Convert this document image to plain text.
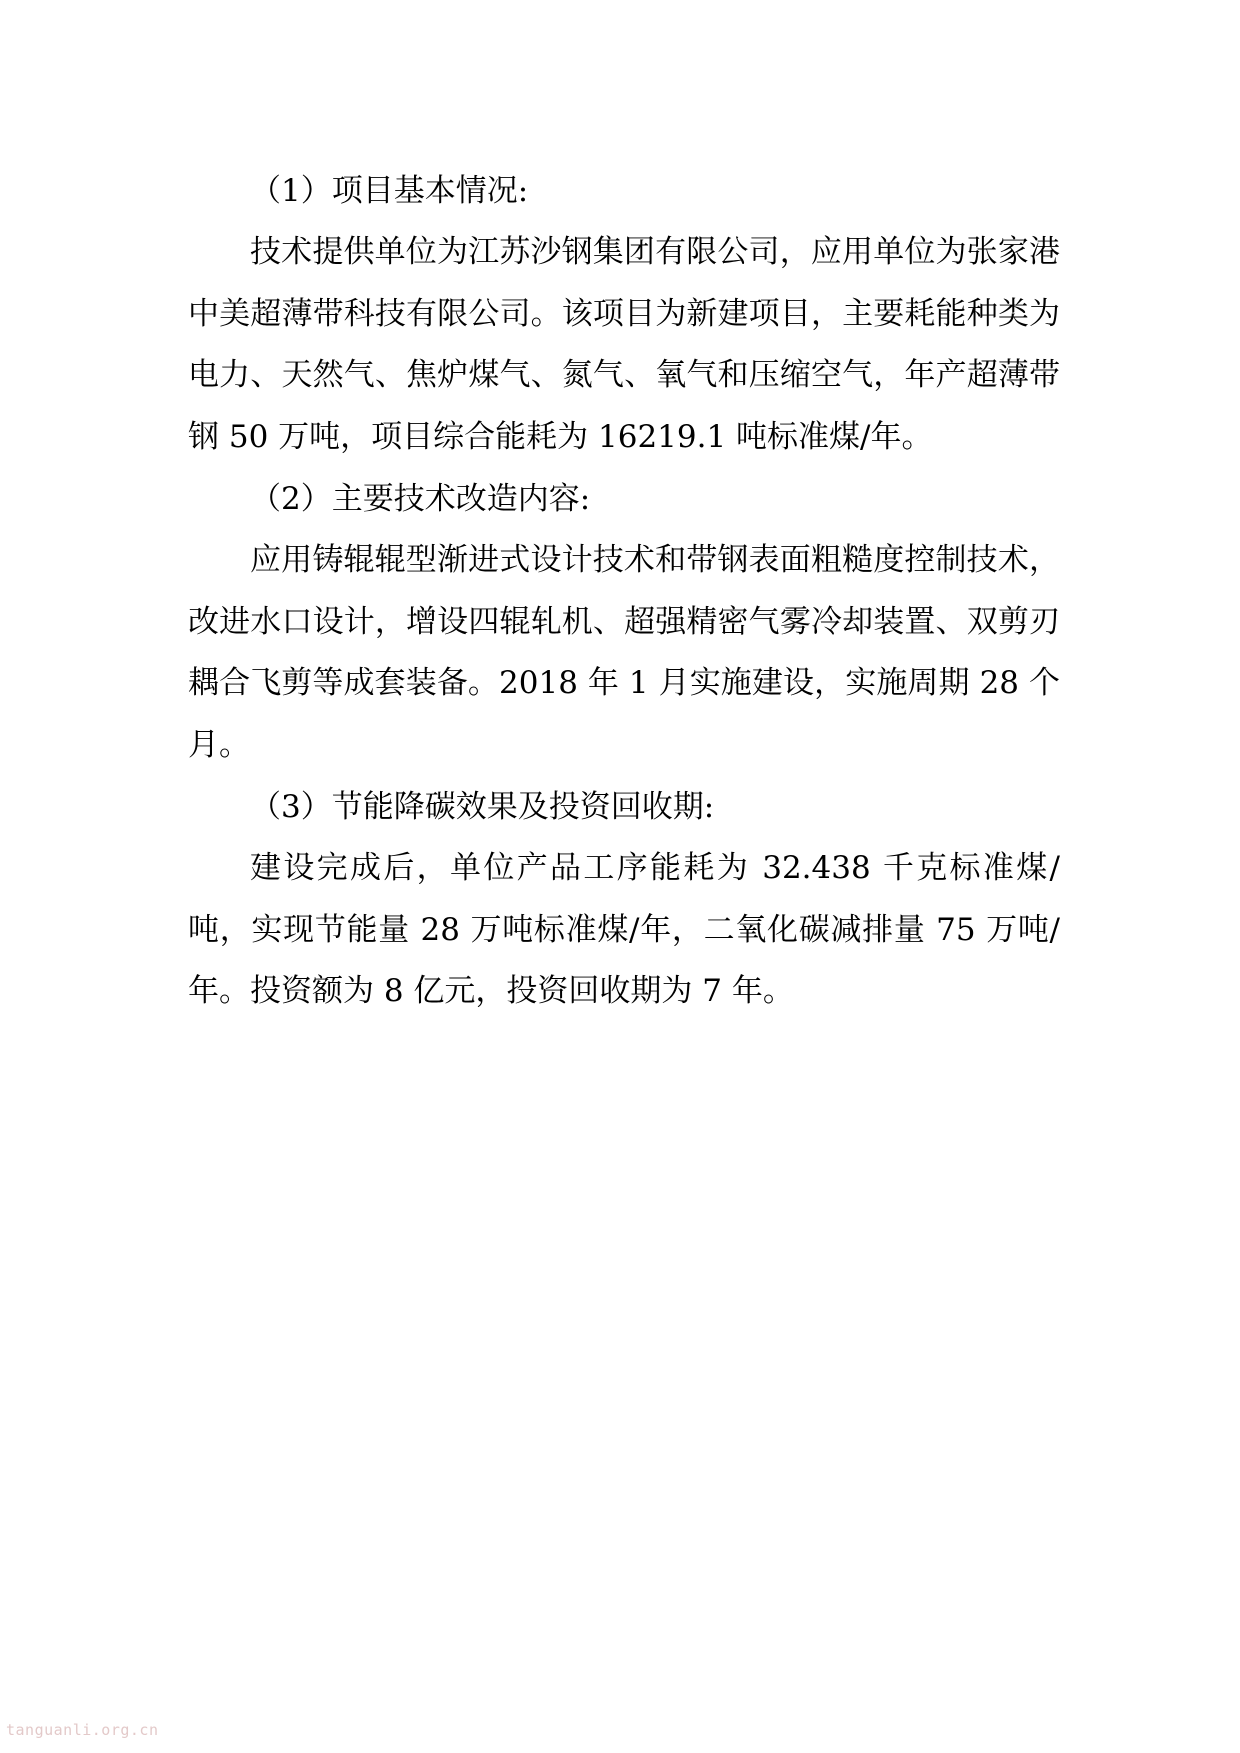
（1）项目基本情况:

技术提供单位为江苏沙钢集团有限公司，应用单位为张家港中美超薄带科技有限公司。该项目为新建项目，主要耗能种类为电力、天然气、焦炉煤气、氮气、氧气和压缩空气，年产超薄带钢 50 万吨，项目综合能耗为 16219.1 吨标准煤/年。

（2）主要技术改造内容:

应用铸辊辊型渐进式设计技术和带钢表面粗糙度控制技术，改进水口设计，增设四辊轧机、超强精密气雾冷却装置、双剪刃耦合飞剪等成套装备。2018 年 1 月实施建设，实施周期 28 个月。

（3）节能降碳效果及投资回收期:

建设完成后，单位产品工序能耗为 32.438 千克标准煤/吨，实现节能量 28 万吨标准煤/年，二氧化碳减排量 75 万吨/年。投资额为 8 亿元，投资回收期为 7 年。

tanguanli.org.cn
